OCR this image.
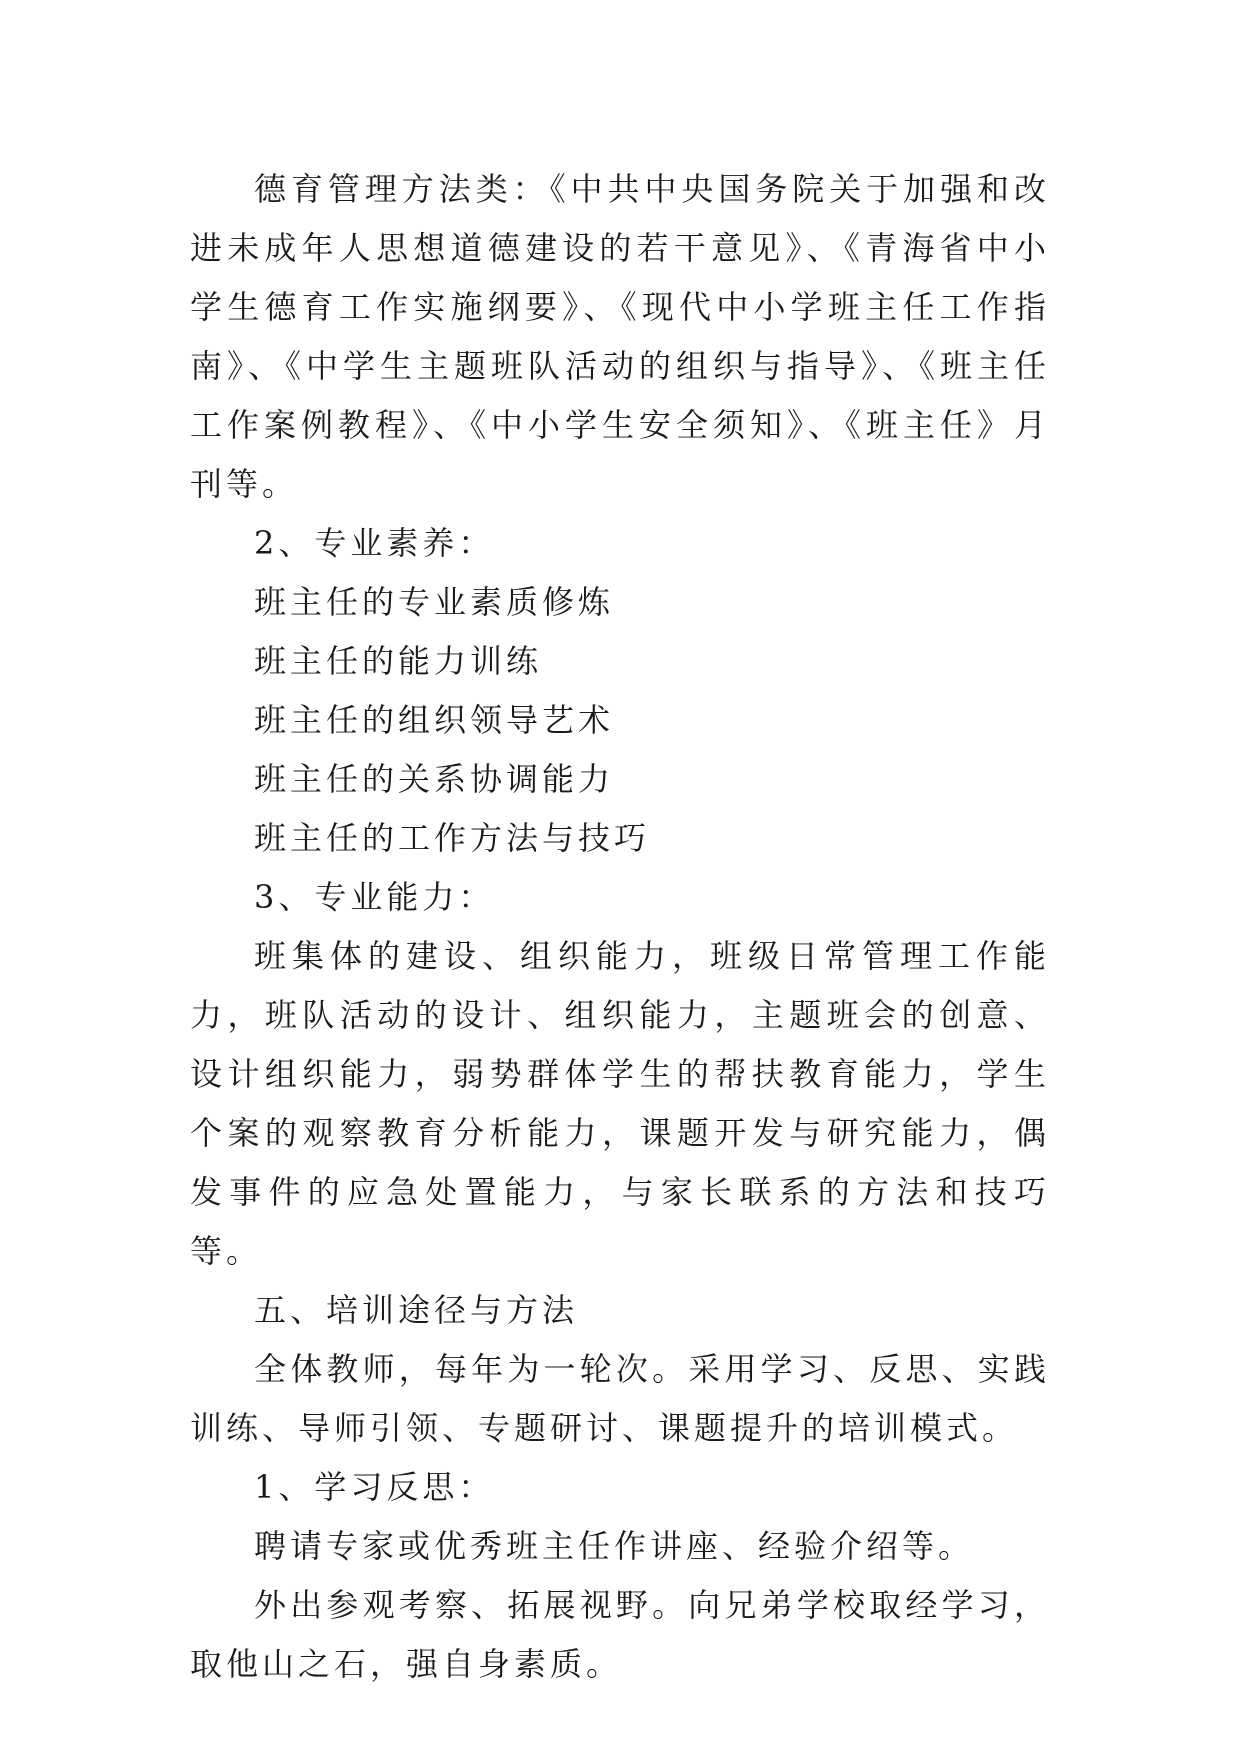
德育管理方法类：《中共中央国务院关于加强和改进未成年人思想道德建设的若干意见》、《青海省中小学生德育工作实施纲要》、《现代中小学班主任工作指南》、《中学生主题班队活动的组织与指导》、《班主任工作案例教程》、《中小学生安全须知》、《班主任》月刊等。

2、专业素养：

班主任的专业素质修炼

班主任的能力训练

班主任的组织领导艺术

班主任的关系协调能力

班主任的工作方法与技巧

3、专业能力：

班集体的建设、组织能力，班级日常管理工作能力，班队活动的设计、组织能力，主题班会的创意、设计组织能力，弱势群体学生的帮扶教育能力，学生个案的观察教育分析能力，课题开发与研究能力，偶发事件的应急处置能力，与家长联系的方法和技巧等。

五、培训途径与方法

全体教师，每年为一轮次。采用学习、反思、实践训练、导师引领、专题研讨、课题提升的培训模式。

1、学习反思：

聘请专家或优秀班主任作讲座、经验介绍等。

外出参观考察、拓展视野。向兄弟学校取经学习，取他山之石，强自身素质。
